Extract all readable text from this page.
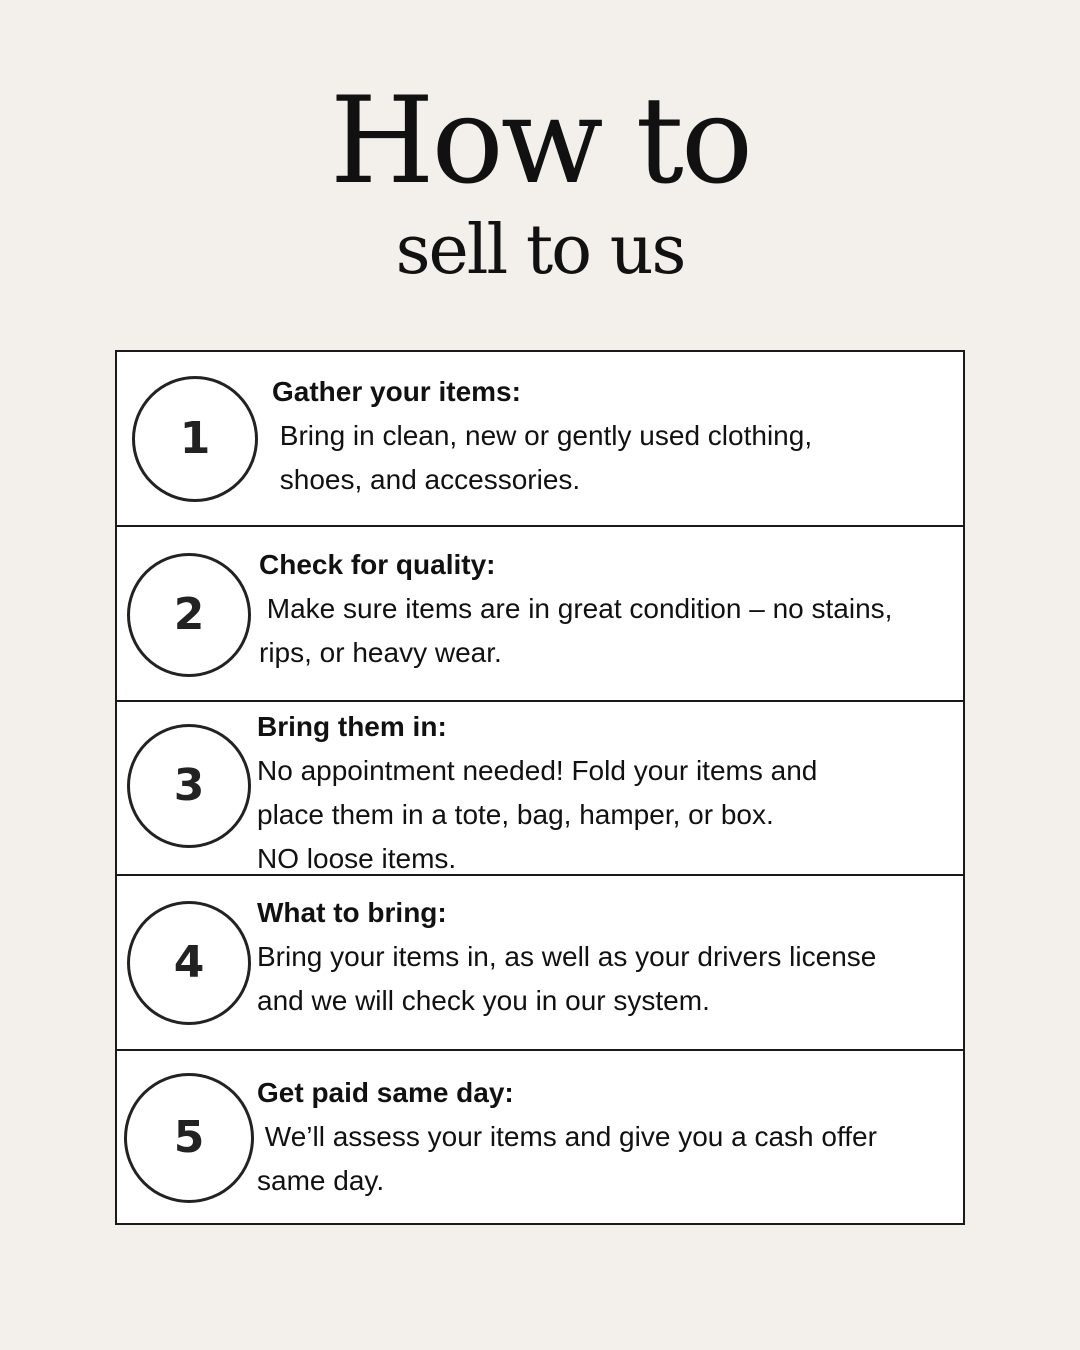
How to
sell to us
1
Gather your items:
Bring in clean, new or gently used clothing,
shoes, and accessories.
2
Check for quality:
Make sure items are in great condition – no stains,
rips, or heavy wear.
3
Bring them in:
No appointment needed! Fold your items and
place them in a tote, bag, hamper, or box.
NO loose items.
4
What to bring:
Bring your items in, as well as your drivers license
and we will check you in our system.
5
Get paid same day:
We’ll assess your items and give you a cash offer
same day.
